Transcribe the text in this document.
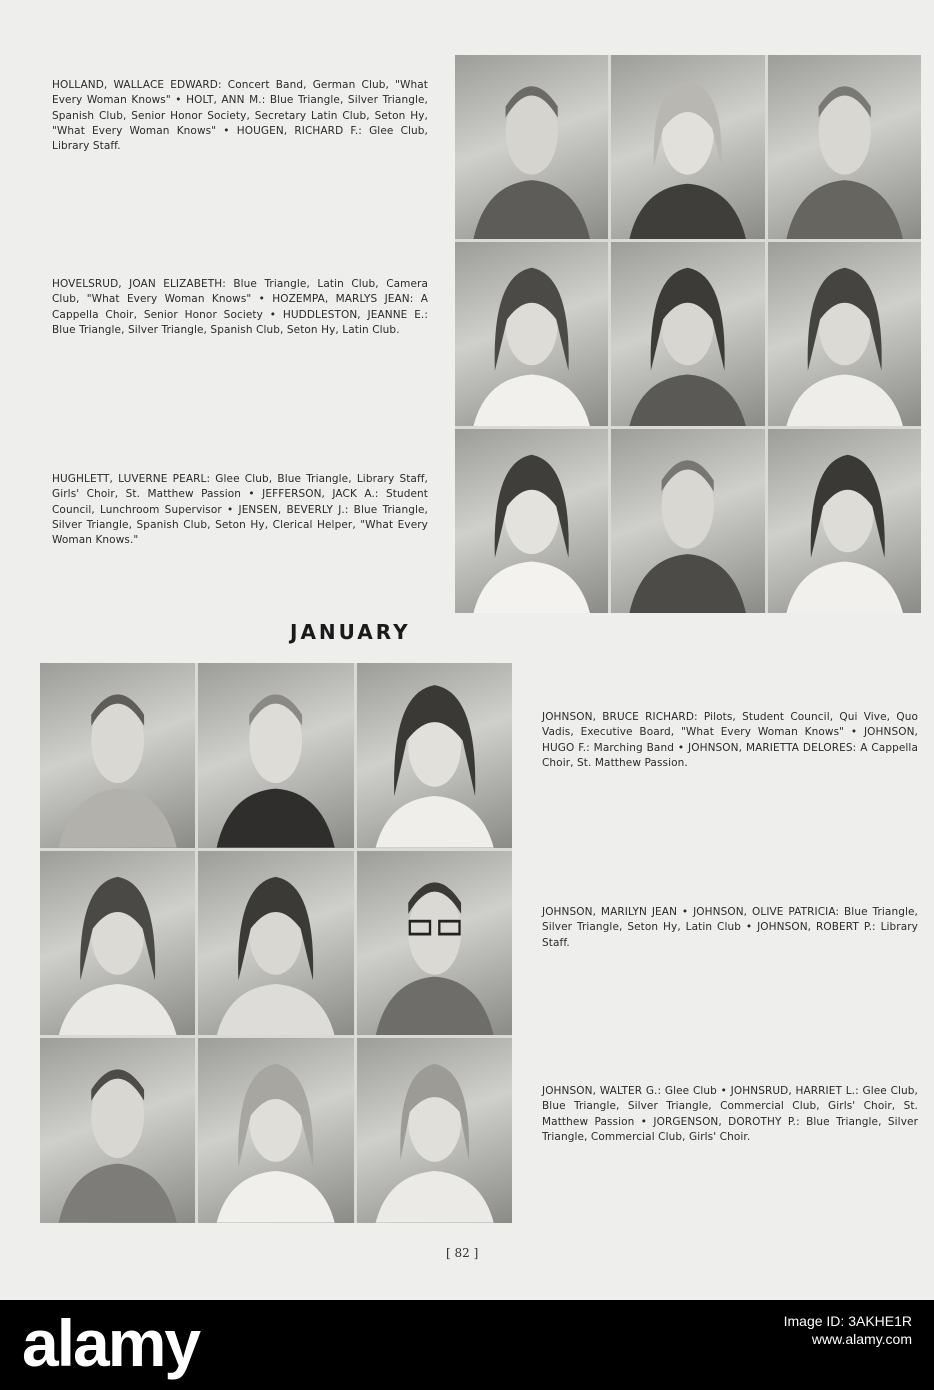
HOLLAND, WALLACE EDWARD: Concert Band, German Club, "What Every Woman Knows" • HOLT, ANN M.: Blue Triangle, Silver Triangle, Spanish Club, Senior Honor Society, Secretary Latin Club, Seton Hy, "What Every Woman Knows" • HOUGEN, RICHARD F.: Glee Club, Library Staff.
HOVELSRUD, JOAN ELIZABETH: Blue Triangle, Latin Club, Camera Club, "What Every Woman Knows" • HOZEMPA, MARLYS JEAN: A Cappella Choir, Senior Honor Society • HUDDLESTON, JEANNE E.: Blue Triangle, Silver Triangle, Spanish Club, Seton Hy, Latin Club.
HUGHLETT, LUVERNE PEARL: Glee Club, Blue Triangle, Library Staff, Girls' Choir, St. Matthew Passion • JEFFERSON, JACK A.: Student Council, Lunchroom Supervisor • JENSEN, BEVERLY J.: Blue Triangle, Silver Triangle, Spanish Club, Seton Hy, Clerical Helper, "What Every Woman Knows."
JANUARY
JOHNSON, BRUCE RICHARD: Pilots, Student Council, Qui Vive, Quo Vadis, Executive Board, "What Every Woman Knows" • JOHNSON, HUGO F.: Marching Band • JOHNSON, MARIETTA DELORES: A Cappella Choir, St. Matthew Passion.
JOHNSON, MARILYN JEAN • JOHNSON, OLIVE PATRICIA: Blue Triangle, Silver Triangle, Seton Hy, Latin Club • JOHNSON, ROBERT P.: Library Staff.
JOHNSON, WALTER G.: Glee Club • JOHNSRUD, HARRIET L.: Glee Club, Blue Triangle, Silver Triangle, Commercial Club, Girls' Choir, St. Matthew Passion • JORGENSON, DOROTHY P.: Blue Triangle, Silver Triangle, Commercial Club, Girls' Choir.
[ 82 ]
alamy	Image ID: 3AKHE1R
www.alamy.com
